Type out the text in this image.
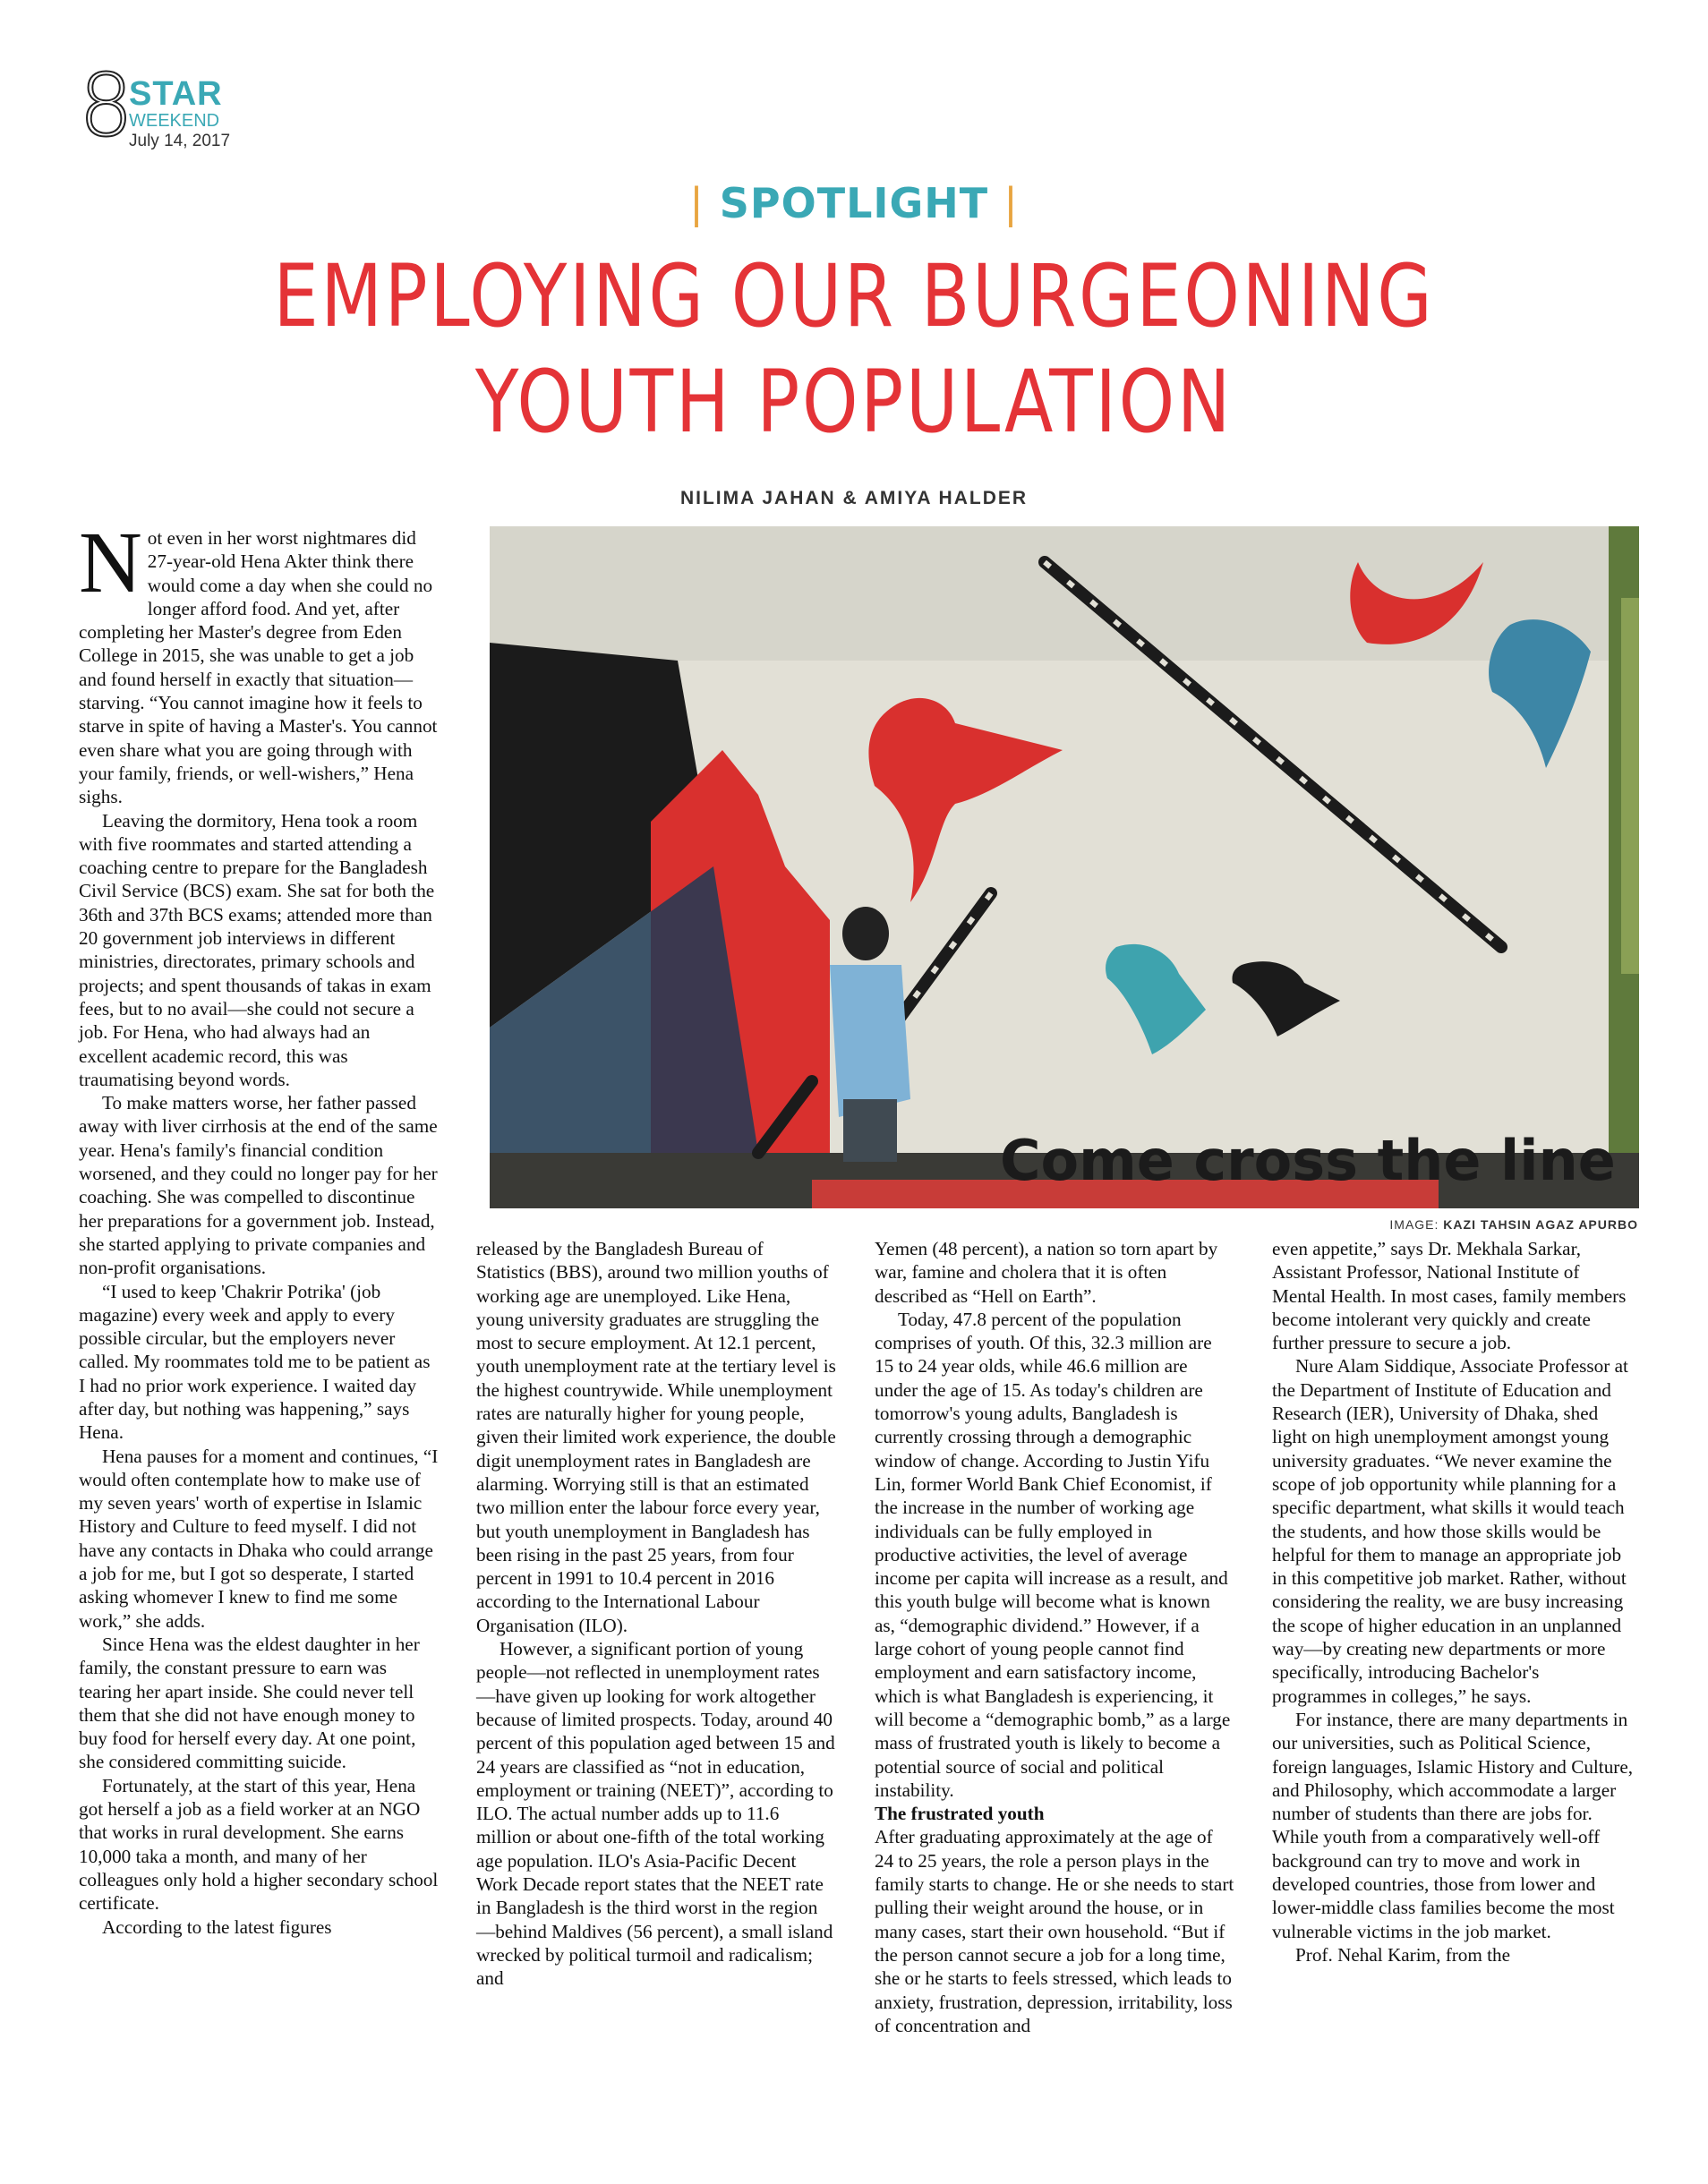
8
STAR
WEEKEND
July 14, 2017
| SPOTLIGHT |
EMPLOYING OUR BURGEONING
YOUTH POPULATION
NILIMA JAHAN & AMIYA HALDER
Come cross the line
IMAGE: KAZI TAHSIN AGAZ APURBO

Not even in her worst nightmares did 27-year-old Hena Akter think there would come a day when she could no longer afford food. And yet, after completing her Master's degree from Eden College in 2015, she was unable to get a job and found herself in exactly that situation—starving. “You cannot imagine how it feels to starve in spite of having a Master's. You cannot even share what you are going through with your family, friends, or well-wishers,” Hena sighs.

Leaving the dormitory, Hena took a room with five roommates and started attending a coaching centre to prepare for the Bangladesh Civil Service (BCS) exam. She sat for both the 36th and 37th BCS exams; attended more than 20 government job interviews in different ministries, directorates, primary schools and projects; and spent thousands of takas in exam fees, but to no avail—she could not secure a job. For Hena, who had always had an excellent academic record, this was traumatising beyond words.

To make matters worse, her father passed away with liver cirrhosis at the end of the same year. Hena's family's financial condition worsened, and they could no longer pay for her coaching. She was compelled to discontinue her preparations for a government job. Instead, she started applying to private companies and non-profit organisations.

“I used to keep 'Chakrir Potrika' (job magazine) every week and apply to every possible circular, but the employers never called. My roommates told me to be patient as I had no prior work experience. I waited day after day, but nothing was happening,” says Hena.

Hena pauses for a moment and continues, “I would often contemplate how to make use of my seven years' worth of expertise in Islamic History and Culture to feed myself. I did not have any contacts in Dhaka who could arrange a job for me, but I got so desperate, I started asking whomever I knew to find me some work,” she adds.

Since Hena was the eldest daughter in her family, the constant pressure to earn was tearing her apart inside. She could never tell them that she did not have enough money to buy food for herself every day. At one point, she considered committing suicide.

Fortunately, at the start of this year, Hena got herself a job as a field worker at an NGO that works in rural development. She earns 10,000 taka a month, and many of her colleagues only hold a higher secondary school certificate.

According to the latest figures

released by the Bangladesh Bureau of Statistics (BBS), around two million youths of working age are unemployed. Like Hena, young university graduates are struggling the most to secure employment. At 12.1 percent, youth unemployment rate at the tertiary level is the highest countrywide. While unemployment rates are naturally higher for young people, given their limited work experience, the double digit unemployment rates in Bangladesh are alarming. Worrying still is that an estimated two million enter the labour force every year, but youth unemployment in Bangladesh has been rising in the past 25 years, from four percent in 1991 to 10.4 percent in 2016 according to the International Labour Organisation (ILO).

However, a significant portion of young people—not reflected in unemployment rates—have given up looking for work altogether because of limited prospects. Today, around 40 percent of this population aged between 15 and 24 years are classified as “not in education, employment or training (NEET)”, according to ILO. The actual number adds up to 11.6 million or about one-fifth of the total working age population. ILO's Asia-Pacific Decent Work Decade report states that the NEET rate in Bangladesh is the third worst in the region—behind Maldives (56 percent), a small island wrecked by political turmoil and radicalism; and

Yemen (48 percent), a nation so torn apart by war, famine and cholera that it is often described as “Hell on Earth”.

Today, 47.8 percent of the population comprises of youth. Of this, 32.3 million are 15 to 24 year olds, while 46.6 million are under the age of 15. As today's children are tomorrow's young adults, Bangladesh is currently crossing through a demographic window of change. According to Justin Yifu Lin, former World Bank Chief Economist, if the increase in the number of working age individuals can be fully employed in productive activities, the level of average income per capita will increase as a result, and this youth bulge will become what is known as, “demographic dividend.” However, if a large cohort of young people cannot find employment and earn satisfactory income, which is what Bangladesh is experiencing, it will become a “demographic bomb,” as a large mass of frustrated youth is likely to become a potential source of social and political instability.

The frustrated youth

After graduating approximately at the age of 24 to 25 years, the role a person plays in the family starts to change. He or she needs to start pulling their weight around the house, or in many cases, start their own household. “But if the person cannot secure a job for a long time, she or he starts to feels stressed, which leads to anxiety, frustration, depression, irritability, loss of concentration and

even appetite,” says Dr. Mekhala Sarkar, Assistant Professor, National Institute of Mental Health. In most cases, family members become intolerant very quickly and create further pressure to secure a job.

Nure Alam Siddique, Associate Professor at the Department of Institute of Education and Research (IER), University of Dhaka, shed light on high unemployment amongst young university graduates. “We never examine the scope of job opportunity while planning for a specific department, what skills it would teach the students, and how those skills would be helpful for them to manage an appropriate job in this competitive job market. Rather, without considering the reality, we are busy increasing the scope of higher education in an unplanned way—by creating new departments or more specifically, introducing Bachelor's programmes in colleges,” he says.

For instance, there are many departments in our universities, such as Political Science, foreign languages, Islamic History and Culture, and Philosophy, which accommodate a larger number of students than there are jobs for. While youth from a comparatively well-off background can try to move and work in developed countries, those from lower and lower-middle class families become the most vulnerable victims in the job market.

Prof. Nehal Karim, from the
